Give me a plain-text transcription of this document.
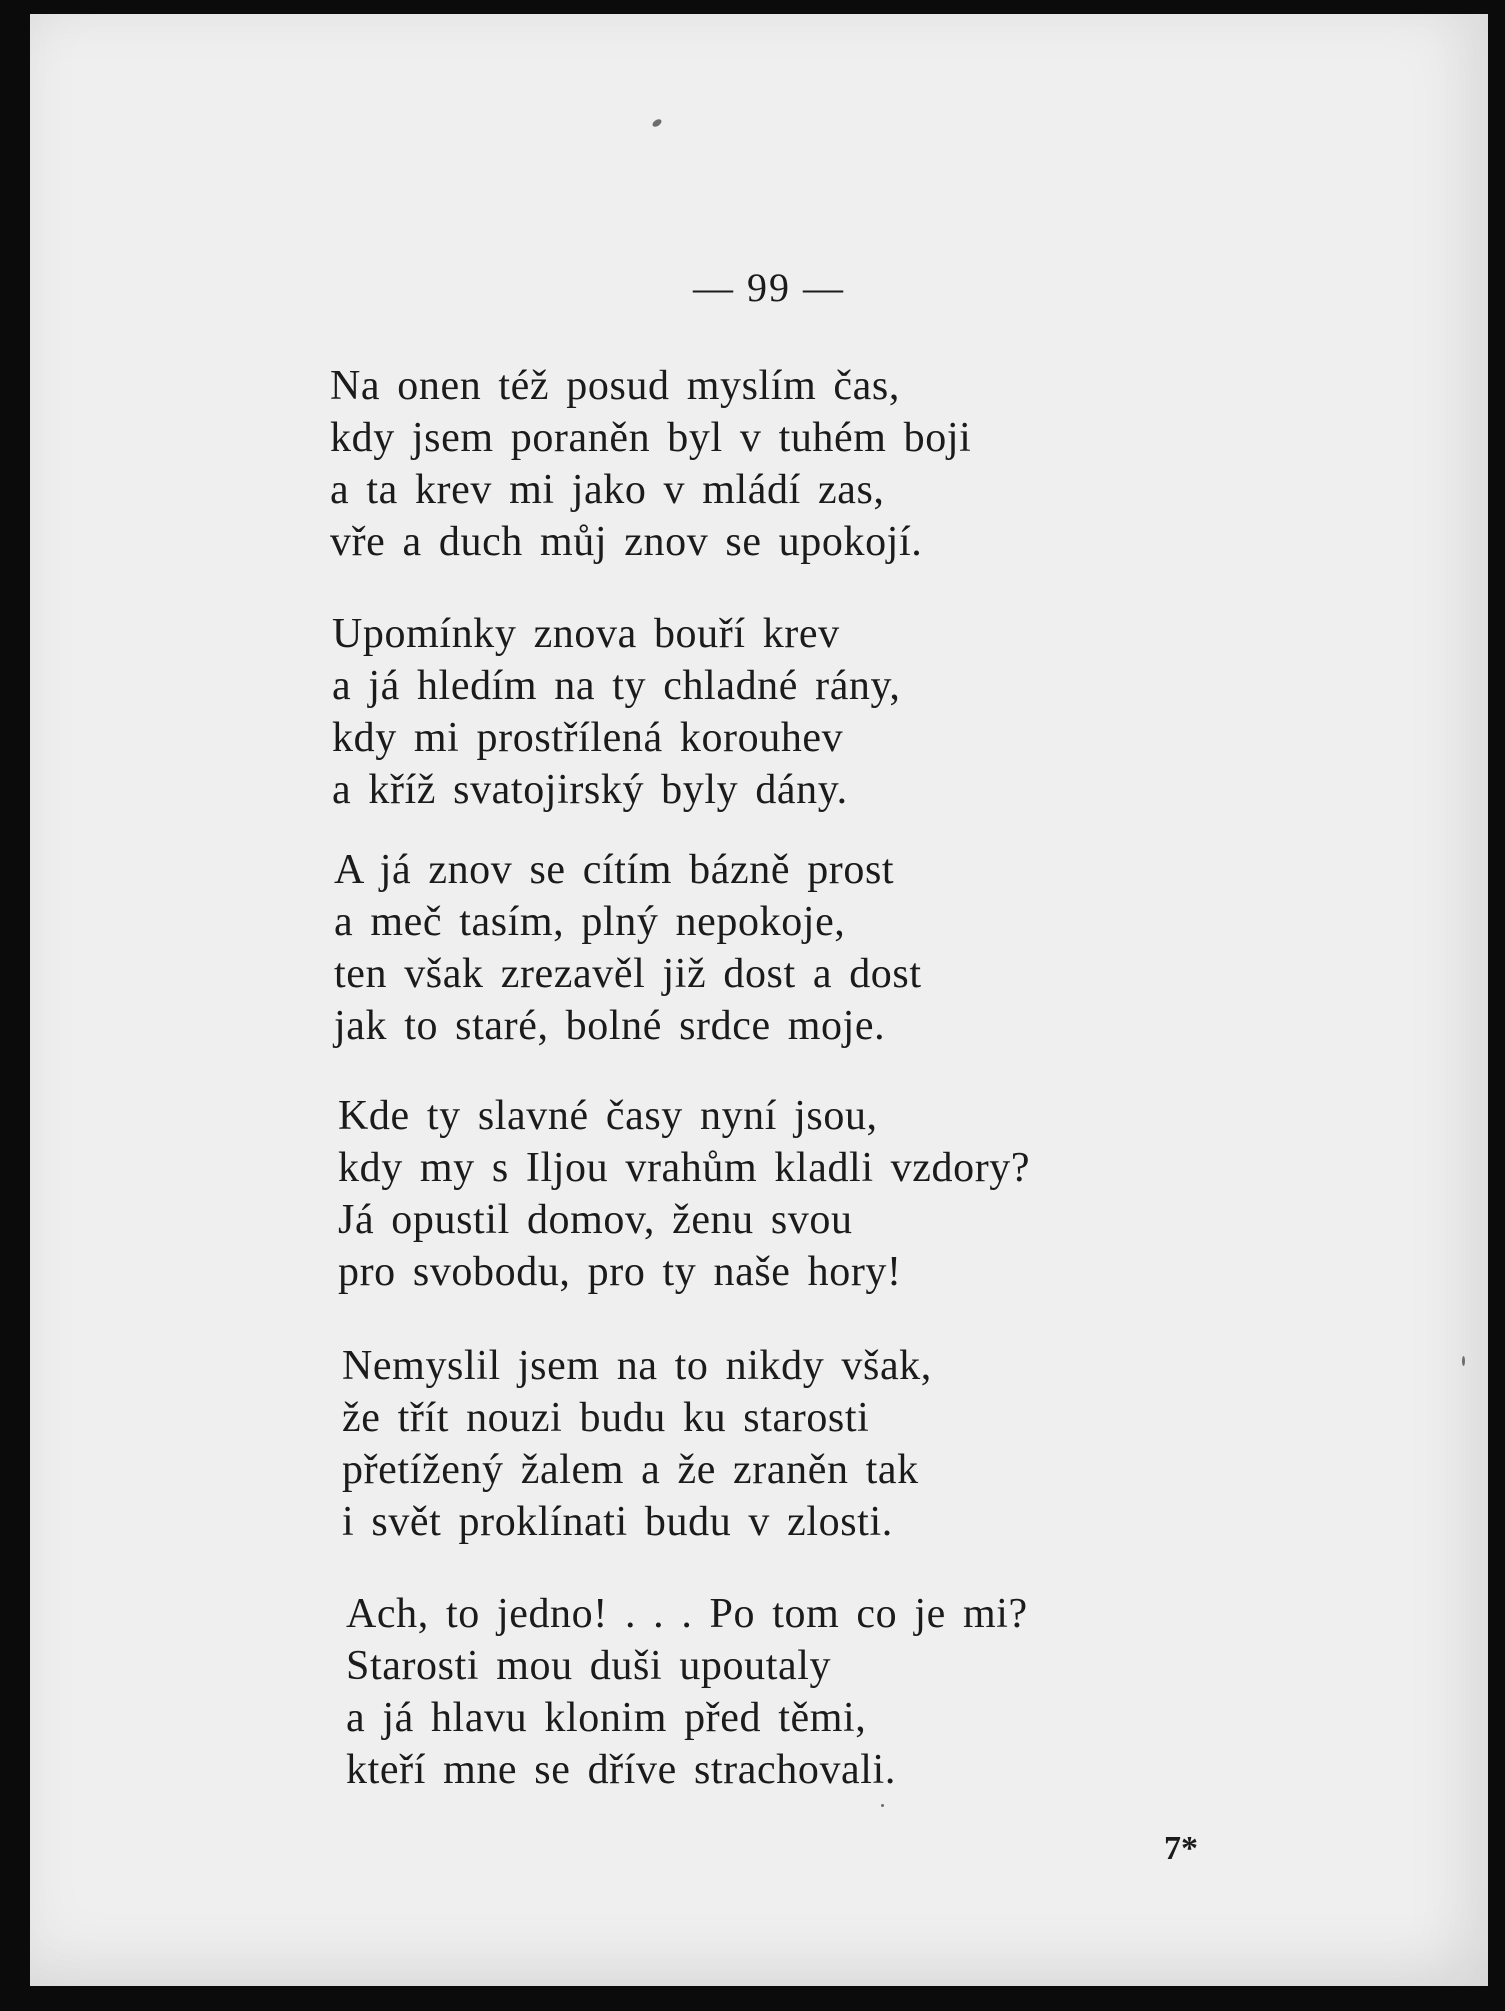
— 99 —
Na onen též posud myslím čas,
kdy jsem poraněn byl v tuhém boji
a ta krev mi jako v mládí zas,
vře a duch můj znov se upokojí.
Upomínky znova bouří krev
a já hledím na ty chladné rány,
kdy mi prostřílená korouhev
a kříž svatojirský byly dány.
A já znov se cítím bázně prost
a meč tasím, plný nepokoje,
ten však zrezavěl již dost a dost
jak to staré, bolné srdce moje.
Kde ty slavné časy nyní jsou,
kdy my s Iljou vrahům kladli vzdory?
Já opustil domov, ženu svou
pro svobodu, pro ty naše hory!
Nemyslil jsem na to nikdy však,
že třít nouzi budu ku starosti
přetížený žalem a že zraněn tak
i svět proklínati budu v zlosti.
Ach, to jedno! . . . Po tom co je mi?
Starosti mou duši upoutaly
a já hlavu klonim před těmi,
kteří mne se dříve strachovali.
7*
